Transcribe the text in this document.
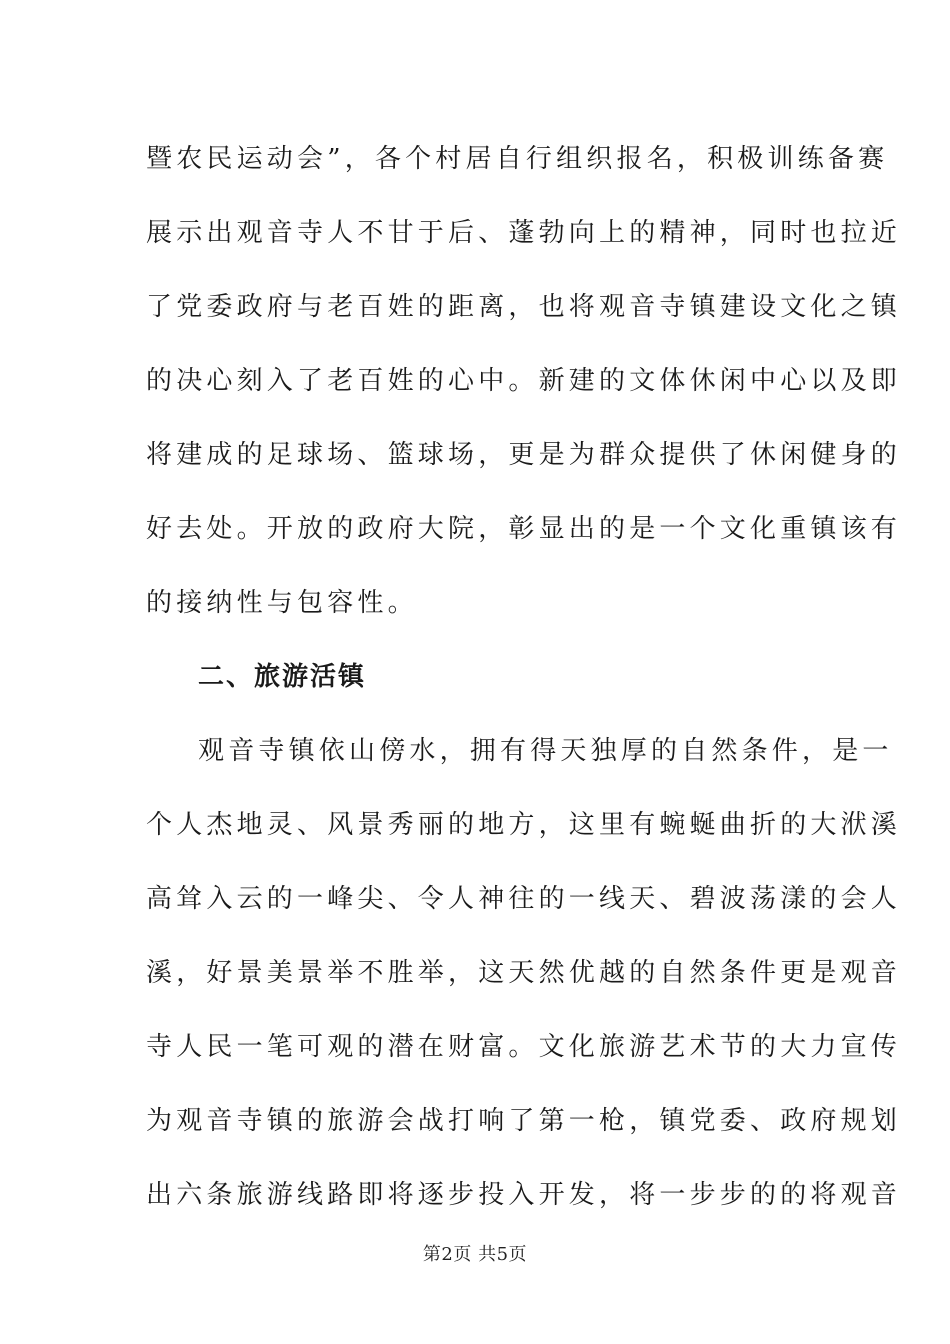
暨农民运动会”，各个村居自行组织报名，积极训练备赛
展示出观音寺人不甘于后、蓬勃向上的精神，同时也拉近
了党委政府与老百姓的距离，也将观音寺镇建设文化之镇
的决心刻入了老百姓的心中。新建的文体休闲中心以及即
将建成的足球场、篮球场，更是为群众提供了休闲健身的
好去处。开放的政府大院，彰显出的是一个文化重镇该有
的接纳性与包容性。
二、旅游活镇
观音寺镇依山傍水，拥有得天独厚的自然条件，是一
个人杰地灵、风景秀丽的地方，这里有蜿蜒曲折的大洑溪
高耸入云的一峰尖、令人神往的一线天、碧波荡漾的会人
溪，好景美景举不胜举，这天然优越的自然条件更是观音
寺人民一笔可观的潜在财富。文化旅游艺术节的大力宣传
为观音寺镇的旅游会战打响了第一枪，镇党委、政府规划
出六条旅游线路即将逐步投入开发，将一步步的的将观音
第2页 共5页
